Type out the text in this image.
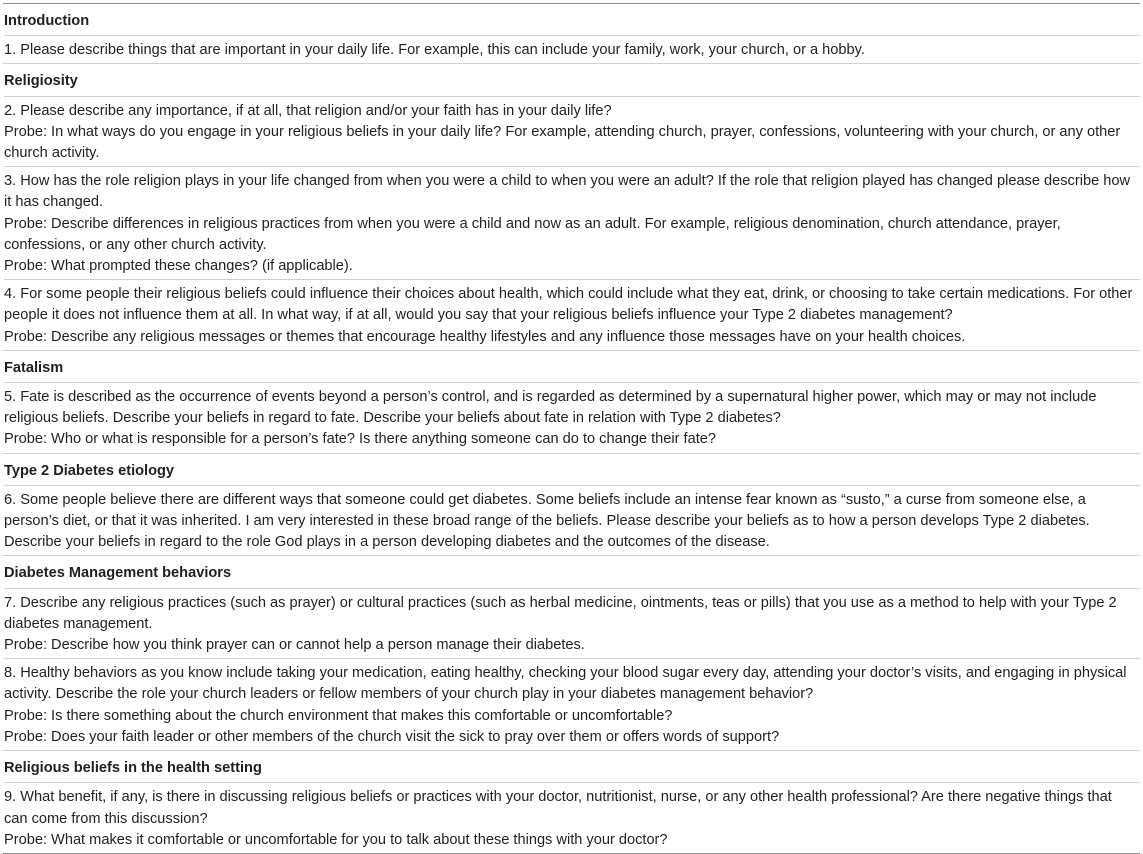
Introduction
1. Please describe things that are important in your daily life. For example, this can include your family, work, your church, or a hobby.
Religiosity
2. Please describe any importance, if at all, that religion and/or your faith has in your daily life?
Probe: In what ways do you engage in your religious beliefs in your daily life? For example, attending church, prayer, confessions, volunteering with your church, or any other church activity.
3. How has the role religion plays in your life changed from when you were a child to when you were an adult? If the role that religion played has changed please describe how it has changed.
Probe: Describe differences in religious practices from when you were a child and now as an adult. For example, religious denomination, church attendance, prayer, confessions, or any other church activity.
Probe: What prompted these changes? (if applicable).
4. For some people their religious beliefs could influence their choices about health, which could include what they eat, drink, or choosing to take certain medications. For other people it does not influence them at all. In what way, if at all, would you say that your religious beliefs influence your Type 2 diabetes management?
Probe: Describe any religious messages or themes that encourage healthy lifestyles and any influence those messages have on your health choices.
Fatalism
5. Fate is described as the occurrence of events beyond a person’s control, and is regarded as determined by a supernatural higher power, which may or may not include religious beliefs. Describe your beliefs in regard to fate. Describe your beliefs about fate in relation with Type 2 diabetes?
Probe: Who or what is responsible for a person’s fate? Is there anything someone can do to change their fate?
Type 2 Diabetes etiology
6. Some people believe there are different ways that someone could get diabetes. Some beliefs include an intense fear known as “susto,” a curse from someone else, a person’s diet, or that it was inherited. I am very interested in these broad range of the beliefs. Please describe your beliefs as to how a person develops Type 2 diabetes. Describe your beliefs in regard to the role God plays in a person developing diabetes and the outcomes of the disease.
Diabetes Management behaviors
7. Describe any religious practices (such as prayer) or cultural practices (such as herbal medicine, ointments, teas or pills) that you use as a method to help with your Type 2 diabetes management.
Probe: Describe how you think prayer can or cannot help a person manage their diabetes.
8. Healthy behaviors as you know include taking your medication, eating healthy, checking your blood sugar every day, attending your doctor’s visits, and engaging in physical activity. Describe the role your church leaders or fellow members of your church play in your diabetes management behavior?
Probe: Is there something about the church environment that makes this comfortable or uncomfortable?
Probe: Does your faith leader or other members of the church visit the sick to pray over them or offers words of support?
Religious beliefs in the health setting
9. What benefit, if any, is there in discussing religious beliefs or practices with your doctor, nutritionist, nurse, or any other health professional? Are there negative things that can come from this discussion?
Probe: What makes it comfortable or uncomfortable for you to talk about these things with your doctor?
